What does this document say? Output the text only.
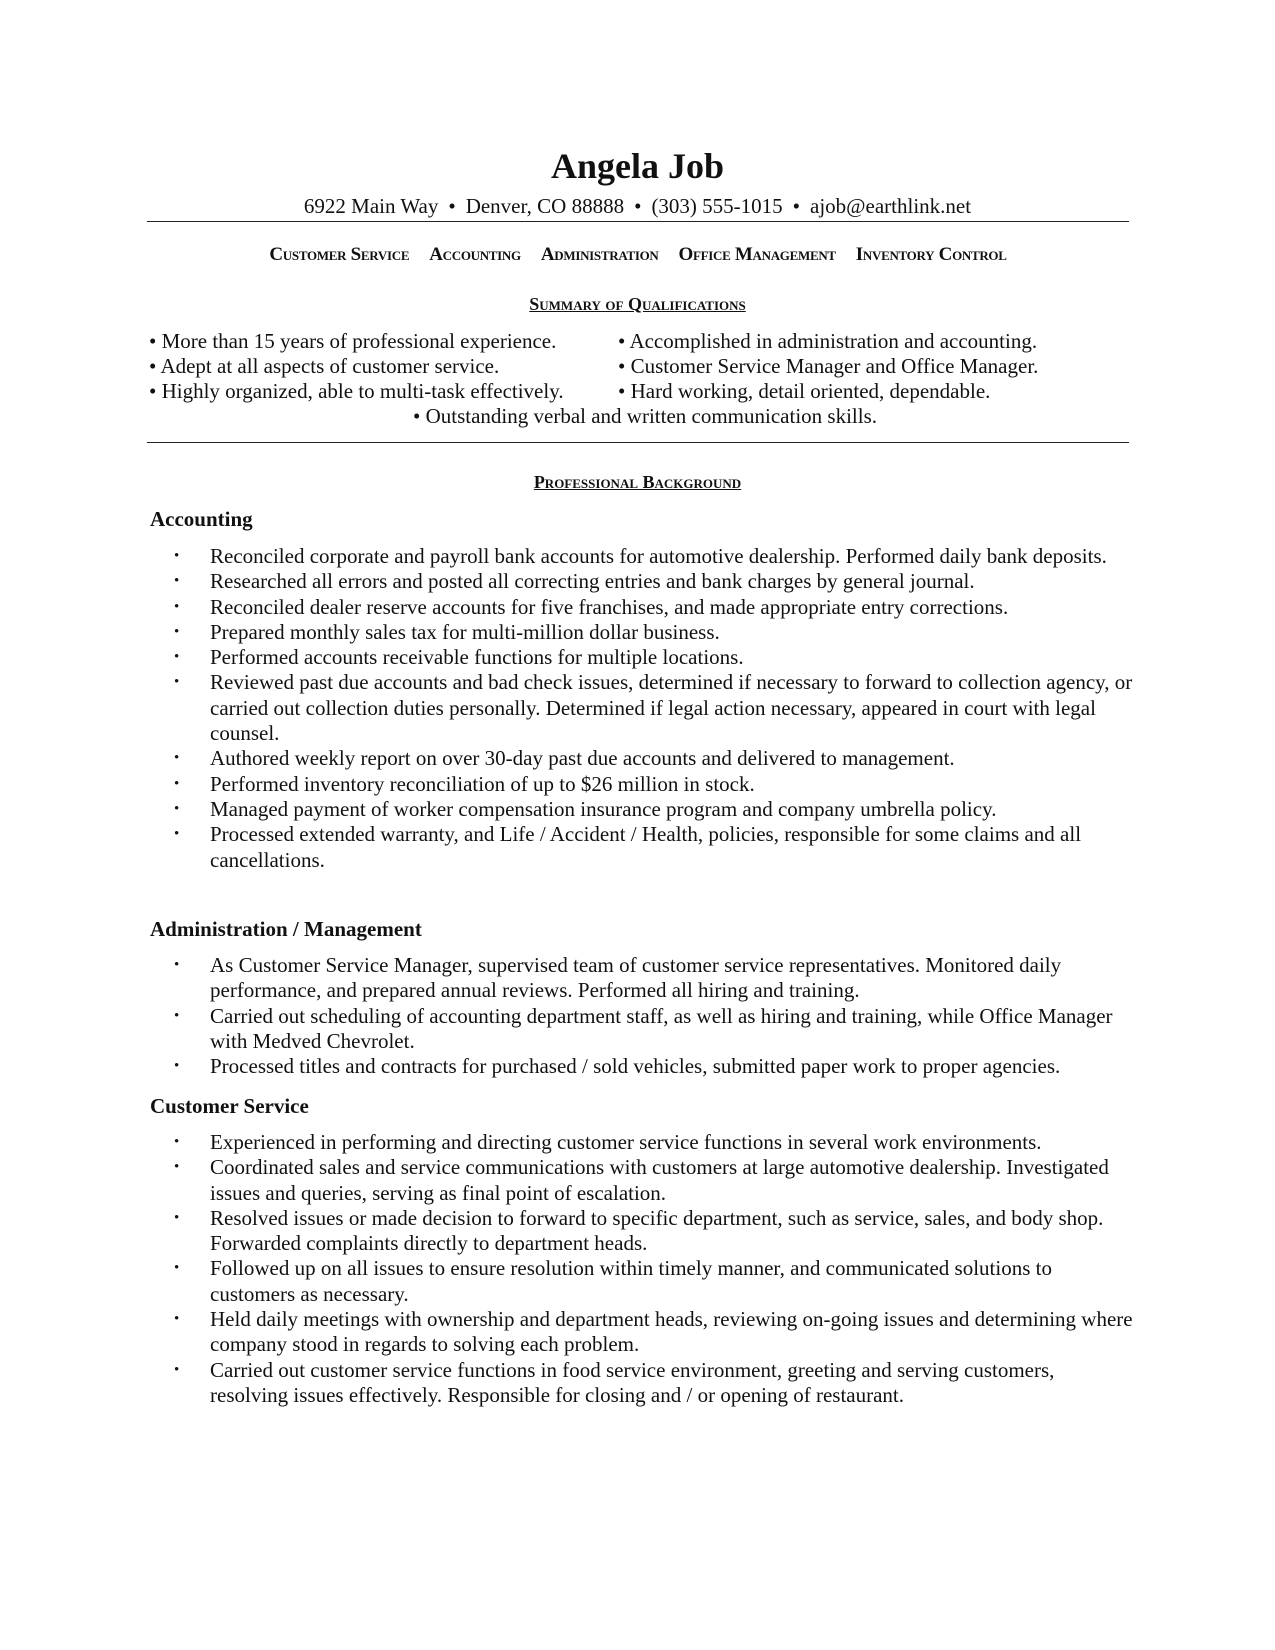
Angela Job
6922 Main Way • Denver, CO 88888 • (303) 555-1015 • ajob@earthlink.net
Customer Service Accounting Administration Office Management Inventory Control
Summary of Qualifications
• More than 15 years of professional experience.	• Accomplished in administration and accounting.
• Adept at all aspects of customer service.	• Customer Service Manager and Office Manager.
• Highly organized, able to multi-task effectively.	• Hard working, detail oriented, dependable.
• Outstanding verbal and written communication skills.
Professional Background
Accounting
• Reconciled corporate and payroll bank accounts for automotive dealership. Performed daily bank deposits.
• Researched all errors and posted all correcting entries and bank charges by general journal.
• Reconciled dealer reserve accounts for five franchises, and made appropriate entry corrections.
• Prepared monthly sales tax for multi-million dollar business.
• Performed accounts receivable functions for multiple locations.
• Reviewed past due accounts and bad check issues, determined if necessary to forward to collection agency, or carried out collection duties personally. Determined if legal action necessary, appeared in court with legal counsel.
• Authored weekly report on over 30-day past due accounts and delivered to management.
• Performed inventory reconciliation of up to $26 million in stock.
• Managed payment of worker compensation insurance program and company umbrella policy.
• Processed extended warranty, and Life / Accident / Health, policies, responsible for some claims and all cancellations.
Administration / Management
• As Customer Service Manager, supervised team of customer service representatives. Monitored daily performance, and prepared annual reviews. Performed all hiring and training.
• Carried out scheduling of accounting department staff, as well as hiring and training, while Office Manager with Medved Chevrolet.
• Processed titles and contracts for purchased / sold vehicles, submitted paper work to proper agencies.
Customer Service
• Experienced in performing and directing customer service functions in several work environments.
• Coordinated sales and service communications with customers at large automotive dealership. Investigated issues and queries, serving as final point of escalation.
• Resolved issues or made decision to forward to specific department, such as service, sales, and body shop. Forwarded complaints directly to department heads.
• Followed up on all issues to ensure resolution within timely manner, and communicated solutions to customers as necessary.
• Held daily meetings with ownership and department heads, reviewing on-going issues and determining where company stood in regards to solving each problem.
• Carried out customer service functions in food service environment, greeting and serving customers, resolving issues effectively. Responsible for closing and / or opening of restaurant.
